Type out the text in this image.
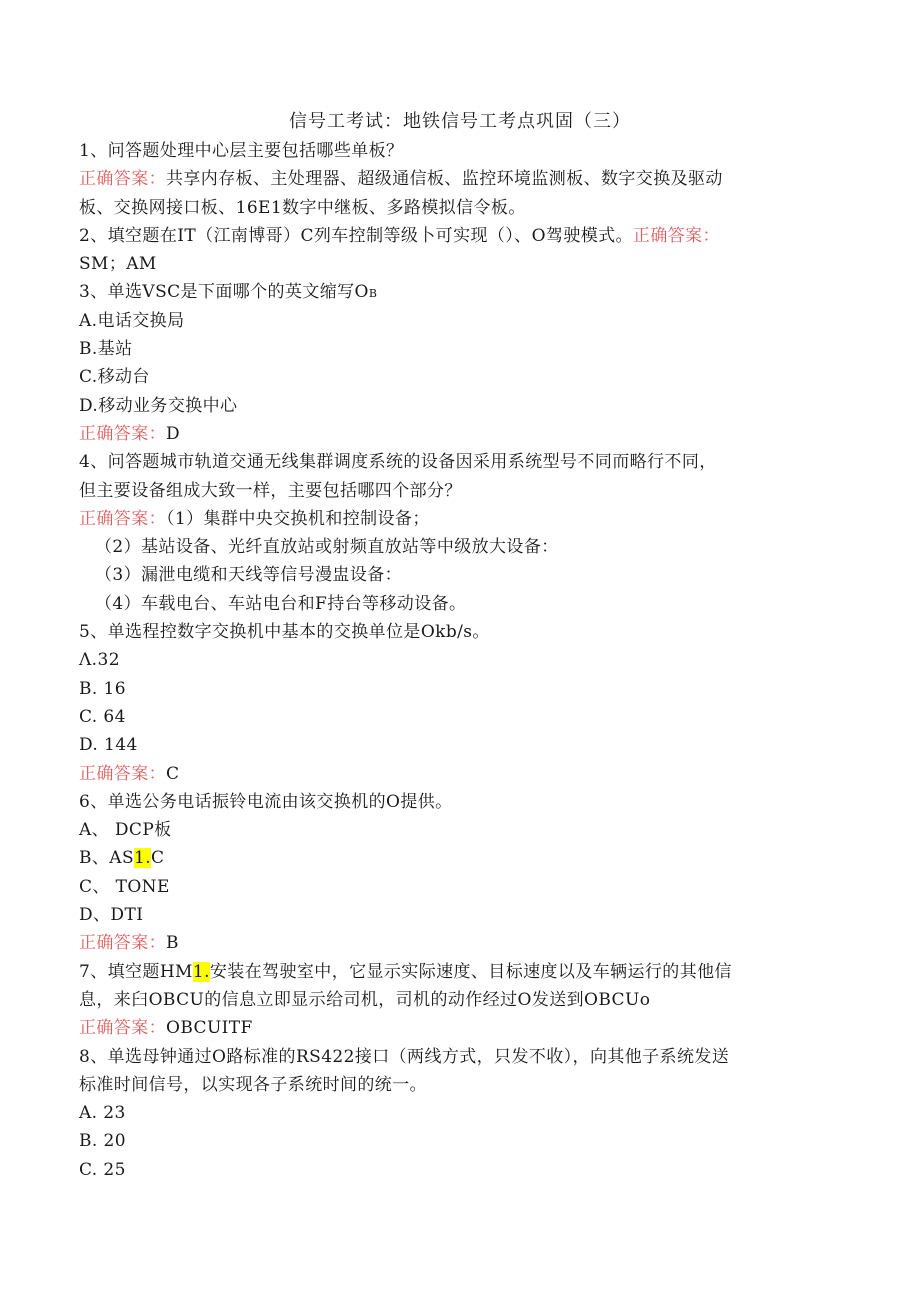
信号工考试：地铁信号工考点巩固（三）

1、问答题处理中心层主要包括哪些单板？

正确答案：共享内存板、主处理器、超级通信板、监控环境监测板、数字交换及驱动

板、交换网接口板、16E1数字中继板、多路模拟信令板。

2、填空题在IT（江南博哥）C列车控制等级卜可实现（）、O驾驶模式。正确答案：

SM；AM

3、单选VSC是下面哪个的英文缩写OB

A.电话交换局

B.基站

C.移动台

D.移动业务交换中心

正确答案：D

4、问答题城市轨道交通无线集群调度系统的设备因采用系统型号不同而略行不同，

但主要设备组成大致一样，主要包括哪四个部分？

正确答案：（1）集群中央交换机和控制设备；

（2）基站设备、光纤直放站或射频直放站等中级放大设备：

（3）漏泄电缆和天线等信号漫盅设备：

（4）车载电台、车站电台和F持台等移动设备。

5、单选程控数字交换机中基本的交换单位是Okb/s。

Λ.32

B. 16

C. 64

D. 144

正确答案：C

6、单选公务电话振铃电流由该交换机的O提供。

A、 DCP板

B、AS1.C

C、 TONE

D、DTI

正确答案：B

7、填空题HM1.安装在驾驶室中，它显示实际速度、目标速度以及车辆运行的其他信

息，来臼OBCU的信息立即显示给司机，司机的动作经过O发送到OBCUo

正确答案：OBCUITF

8、单选母钟通过O路标准的RS422接口（两线方式，只发不收），向其他子系统发送

标准时间信号，以实现各子系统时间的统一。

A. 23

B. 20

C. 25
